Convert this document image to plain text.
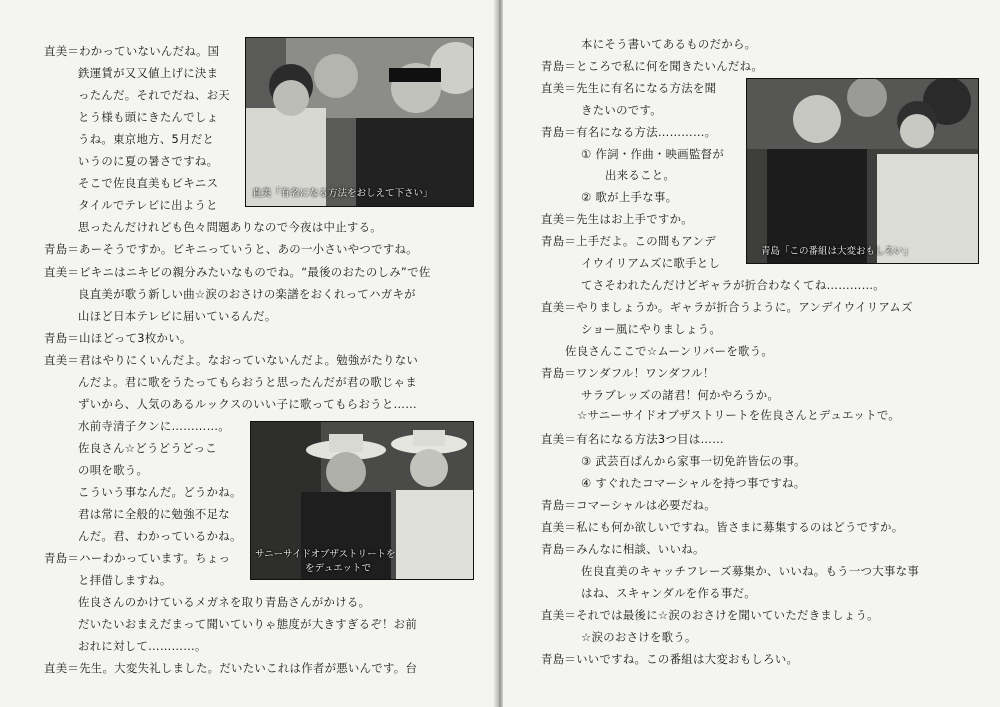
直美＝わかっていないんだね。国
鉄運賃が又又値上げに決ま
ったんだ。それでだね、お天
とう様も頭にきたんでしょ
うね。東京地方、5月だと
いうのに夏の暑さですね。
そこで佐良直美もビキニス
タイルでテレビに出ようと
思ったんだけれども色々問題ありなので今夜は中止する。
青島＝あーそうですか。ビキニっていうと、あの一小さいやつですね。
直美＝ビキニはニキビの親分みたいなものでね。“最後のおたのしみ”で佐
良直美が歌う新しい曲☆涙のおさけの楽譜をおくれってハガキが
山ほど日本テレビに届いているんだ。
青島＝山ほどって3枚かい。
直美＝君はやりにくいんだよ。なおっていないんだよ。勉強がたりない
んだよ。君に歌をうたってもらおうと思ったんだが君の歌じゃま
ずいから、人気のあるルックスのいい子に歌ってもらおうと……
水前寺清子クンに…………。
佐良さん☆どうどうどっこ
の唄を歌う。
こういう事なんだ。どうかね。
君は常に全般的に勉強不足な
んだ。君、わかっているかね。
青島＝ハーわかっています。ちょっ
と拝借しますね。
佐良さんのかけているメガネを取り青島さんがかける。
だいたいおまえだまって聞いていりゃ態度が大きすぎるぞ！お前
おれに対して…………。
直美＝先生。大変失礼しました。だいたいこれは作者が悪いんです。台
直美「有名になる方法をおしえて下さい」
サニーサイドオブザストリートを
をデュエットで
本にそう書いてあるものだから。
青島＝ところで私に何を聞きたいんだね。
直美＝先生に有名になる方法を聞
きたいのです。
青島＝有名になる方法…………。
① 作詞・作曲・映画監督が
出来ること。
② 歌が上手な事。
直美＝先生はお上手ですか。
青島＝上手だよ。この間もアンデ
イウイリアムズに歌手とし
てさそわれたんだけどギャラが折合わなくてね…………。
直美＝やりましょうか。ギャラが折合うように。アンデイウイリアムズ
ショー風にやりましょう。
佐良さんここで☆ムーンリバーを歌う。
青島＝ワンダフル！ワンダフル！
サラブレッズの諸君！何かやろうか。
☆サニーサイドオブザストリートを佐良さんとデュエットで。
直美＝有名になる方法3つ目は……
③ 武芸百ぱんから家事一切免許皆伝の事。
④ すぐれたコマーシャルを持つ事ですね。
青島＝コマーシャルは必要だね。
直美＝私にも何か欲しいですね。皆さまに募集するのはどうですか。
青島＝みんなに相談、いいね。
佐良直美のキャッチフレーズ募集か、いいね。もう一つ大事な事
はね、スキャンダルを作る事だ。
直美＝それでは最後に☆涙のおさけを聞いていただきましょう。
☆涙のおさけを歌う。
青島＝いいですね。この番組は大変おもしろい。
青島「この番組は大変おもしろい」
